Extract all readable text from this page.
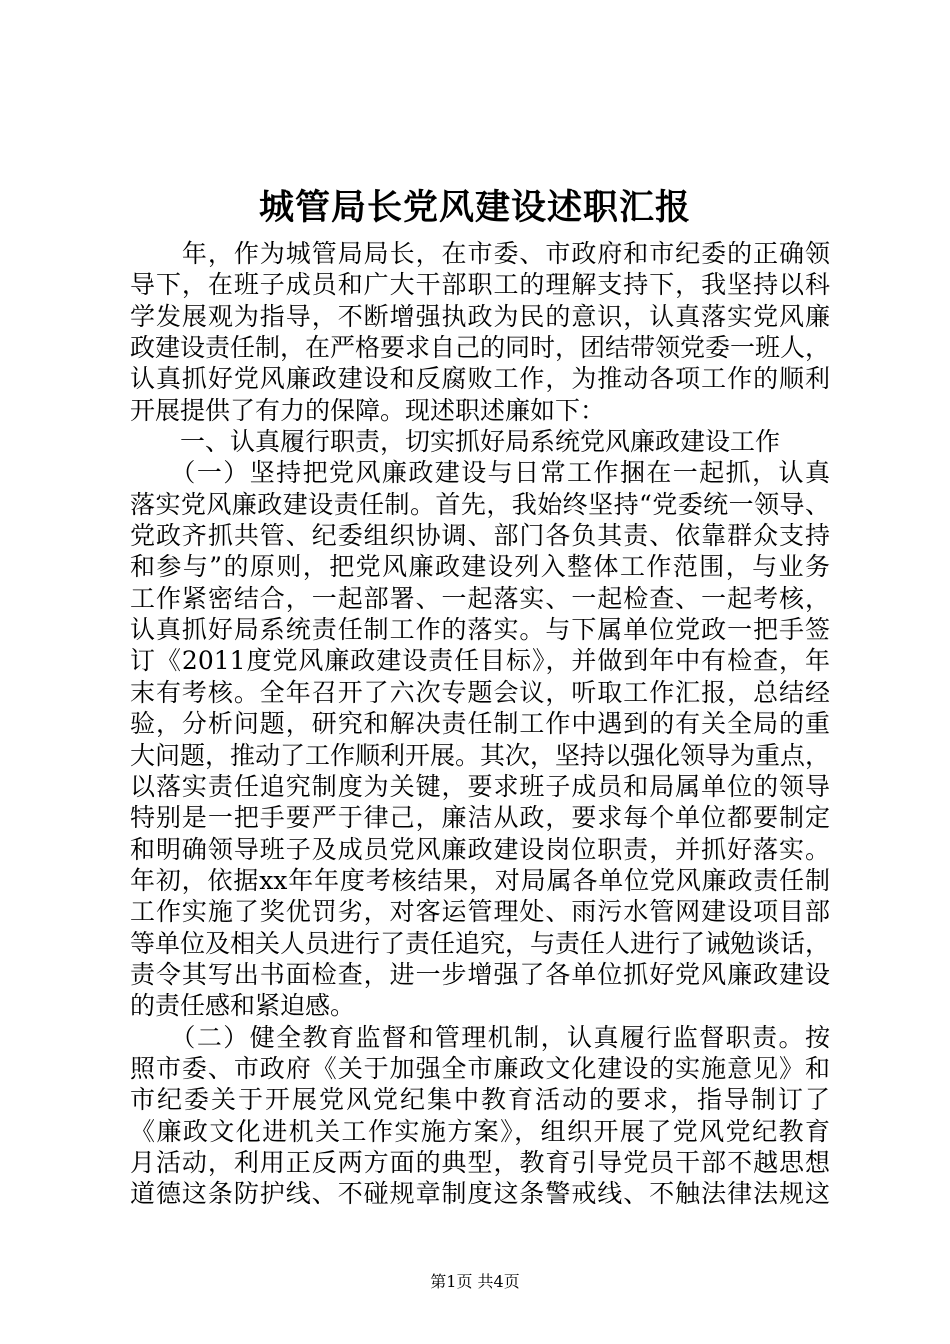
城管局长党风建设述职汇报
　　年，作为城管局局长，在市委、市政府和市纪委的正确领
导下，在班子成员和广大干部职工的理解支持下，我坚持以科
学发展观为指导，不断增强执政为民的意识，认真落实党风廉
政建设责任制，在严格要求自己的同时，团结带领党委一班人，
认真抓好党风廉政建设和反腐败工作，为推动各项工作的顺利
开展提供了有力的保障。现述职述廉如下：
　　一、认真履行职责，切实抓好局系统党风廉政建设工作
　　（一）坚持把党风廉政建设与日常工作捆在一起抓，认真
落实党风廉政建设责任制。首先，我始终坚持“党委统一领导、
党政齐抓共管、纪委组织协调、部门各负其责、依靠群众支持
和参与”的原则，把党风廉政建设列入整体工作范围，与业务
工作紧密结合，一起部署、一起落实、一起检查、一起考核，
认真抓好局系统责任制工作的落实。与下属单位党政一把手签
订《2011度党风廉政建设责任目标》，并做到年中有检查，年
末有考核。全年召开了六次专题会议，听取工作汇报，总结经
验，分析问题，研究和解决责任制工作中遇到的有关全局的重
大问题，推动了工作顺利开展。其次，坚持以强化领导为重点，
以落实责任追究制度为关键，要求班子成员和局属单位的领导
特别是一把手要严于律己，廉洁从政，要求每个单位都要制定
和明确领导班子及成员党风廉政建设岗位职责，并抓好落实。
年初，依据xx年年度考核结果，对局属各单位党风廉政责任制
工作实施了奖优罚劣，对客运管理处、雨污水管网建设项目部
等单位及相关人员进行了责任追究，与责任人进行了诫勉谈话，
责令其写出书面检查，进一步增强了各单位抓好党风廉政建设
的责任感和紧迫感。
　　（二）健全教育监督和管理机制，认真履行监督职责。按
照市委、市政府《关于加强全市廉政文化建设的实施意见》和
市纪委关于开展党风党纪集中教育活动的要求，指导制订了
《廉政文化进机关工作实施方案》，组织开展了党风党纪教育
月活动，利用正反两方面的典型，教育引导党员干部不越思想
道德这条防护线、不碰规章制度这条警戒线、不触法律法规这
第1页 共4页
